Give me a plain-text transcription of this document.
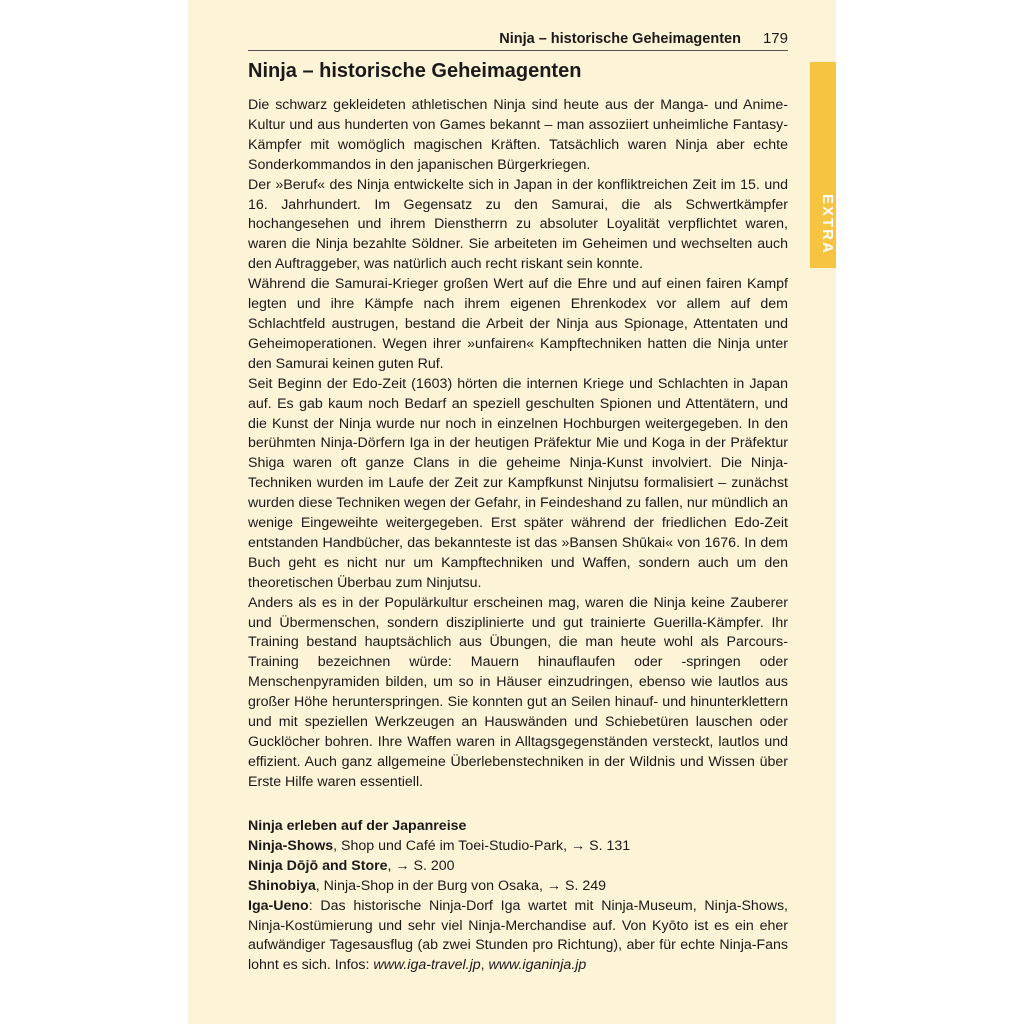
Ninja – historische Geheimagenten 179
EXTRA
Ninja – historische Geheimagenten

Die schwarz gekleideten athletischen Ninja sind heute aus der Manga- und Anime-Kultur und aus hunderten von Games bekannt – man assoziiert unheimliche Fantasy-Kämpfer mit womöglich magischen Kräften. Tatsächlich waren Ninja aber echte Sonderkommandos in den japanischen Bürgerkriegen.

Der »Beruf« des Ninja entwickelte sich in Japan in der konfliktreichen Zeit im 15. und 16. Jahrhundert. Im Gegensatz zu den Samurai, die als Schwertkämpfer hochangesehen und ihrem Dienstherrn zu absoluter Loyalität verpflichtet waren, waren die Ninja bezahlte Söldner. Sie arbeiteten im Geheimen und wechselten auch den Auftraggeber, was natürlich auch recht riskant sein konnte.

Während die Samurai-Krieger großen Wert auf die Ehre und auf einen fairen Kampf legten und ihre Kämpfe nach ihrem eigenen Ehrenkodex vor allem auf dem Schlachtfeld austrugen, bestand die Arbeit der Ninja aus Spionage, Attentaten und Geheimoperationen. Wegen ihrer »unfairen« Kampftechniken hatten die Ninja unter den Samurai keinen guten Ruf.

Seit Beginn der Edo-Zeit (1603) hörten die internen Kriege und Schlachten in Japan auf. Es gab kaum noch Bedarf an speziell geschulten Spionen und Attentätern, und die Kunst der Ninja wurde nur noch in einzelnen Hochburgen weitergegeben. In den berühmten Ninja-Dörfern Iga in der heutigen Präfektur Mie und Koga in der Präfektur Shiga waren oft ganze Clans in die geheime Ninja-Kunst involviert. Die Ninja-Techniken wurden im Laufe der Zeit zur Kampfkunst Ninjutsu formalisiert – zunächst wurden diese Techniken wegen der Gefahr, in Feindeshand zu fallen, nur mündlich an wenige Eingeweihte weitergegeben. Erst später während der friedlichen Edo-Zeit entstanden Handbücher, das bekannteste ist das »Bansen Shūkai« von 1676. In dem Buch geht es nicht nur um Kampftechniken und Waffen, sondern auch um den theoretischen Überbau zum Ninjutsu.

Anders als es in der Populärkultur erscheinen mag, waren die Ninja keine Zauberer und Übermenschen, sondern disziplinierte und gut trainierte Guerilla-Kämpfer. Ihr Training bestand hauptsächlich aus Übungen, die man heute wohl als Parcours-Training bezeichnen würde: Mauern hinauflaufen oder -springen oder Menschenpyramiden bilden, um so in Häuser einzudringen, ebenso wie lautlos aus großer Höhe herunterspringen. Sie konnten gut an Seilen hinauf- und hinunterklettern und mit speziellen Werkzeugen an Hauswänden und Schiebetüren lauschen oder Gucklöcher bohren. Ihre Waffen waren in Alltagsgegenständen versteckt, lautlos und effizient. Auch ganz allgemeine Überlebenstechniken in der Wildnis und Wissen über Erste Hilfe waren essentiell.

Ninja erleben auf der Japanreise
Ninja-Shows, Shop und Café im Toei-Studio-Park, → S. 131
Ninja Dōjō and Store, → S. 200
Shinobiya, Ninja-Shop in der Burg von Osaka, → S. 249
Iga-Ueno: Das historische Ninja-Dorf Iga wartet mit Ninja-Museum, Ninja-Shows, Ninja-Kostümierung und sehr viel Ninja-Merchandise auf. Von Kyōto ist es ein eher aufwändiger Tagesausflug (ab zwei Stunden pro Richtung), aber für echte Ninja-Fans lohnt es sich. Infos: www.iga-travel.jp, www.iganinja.jp
